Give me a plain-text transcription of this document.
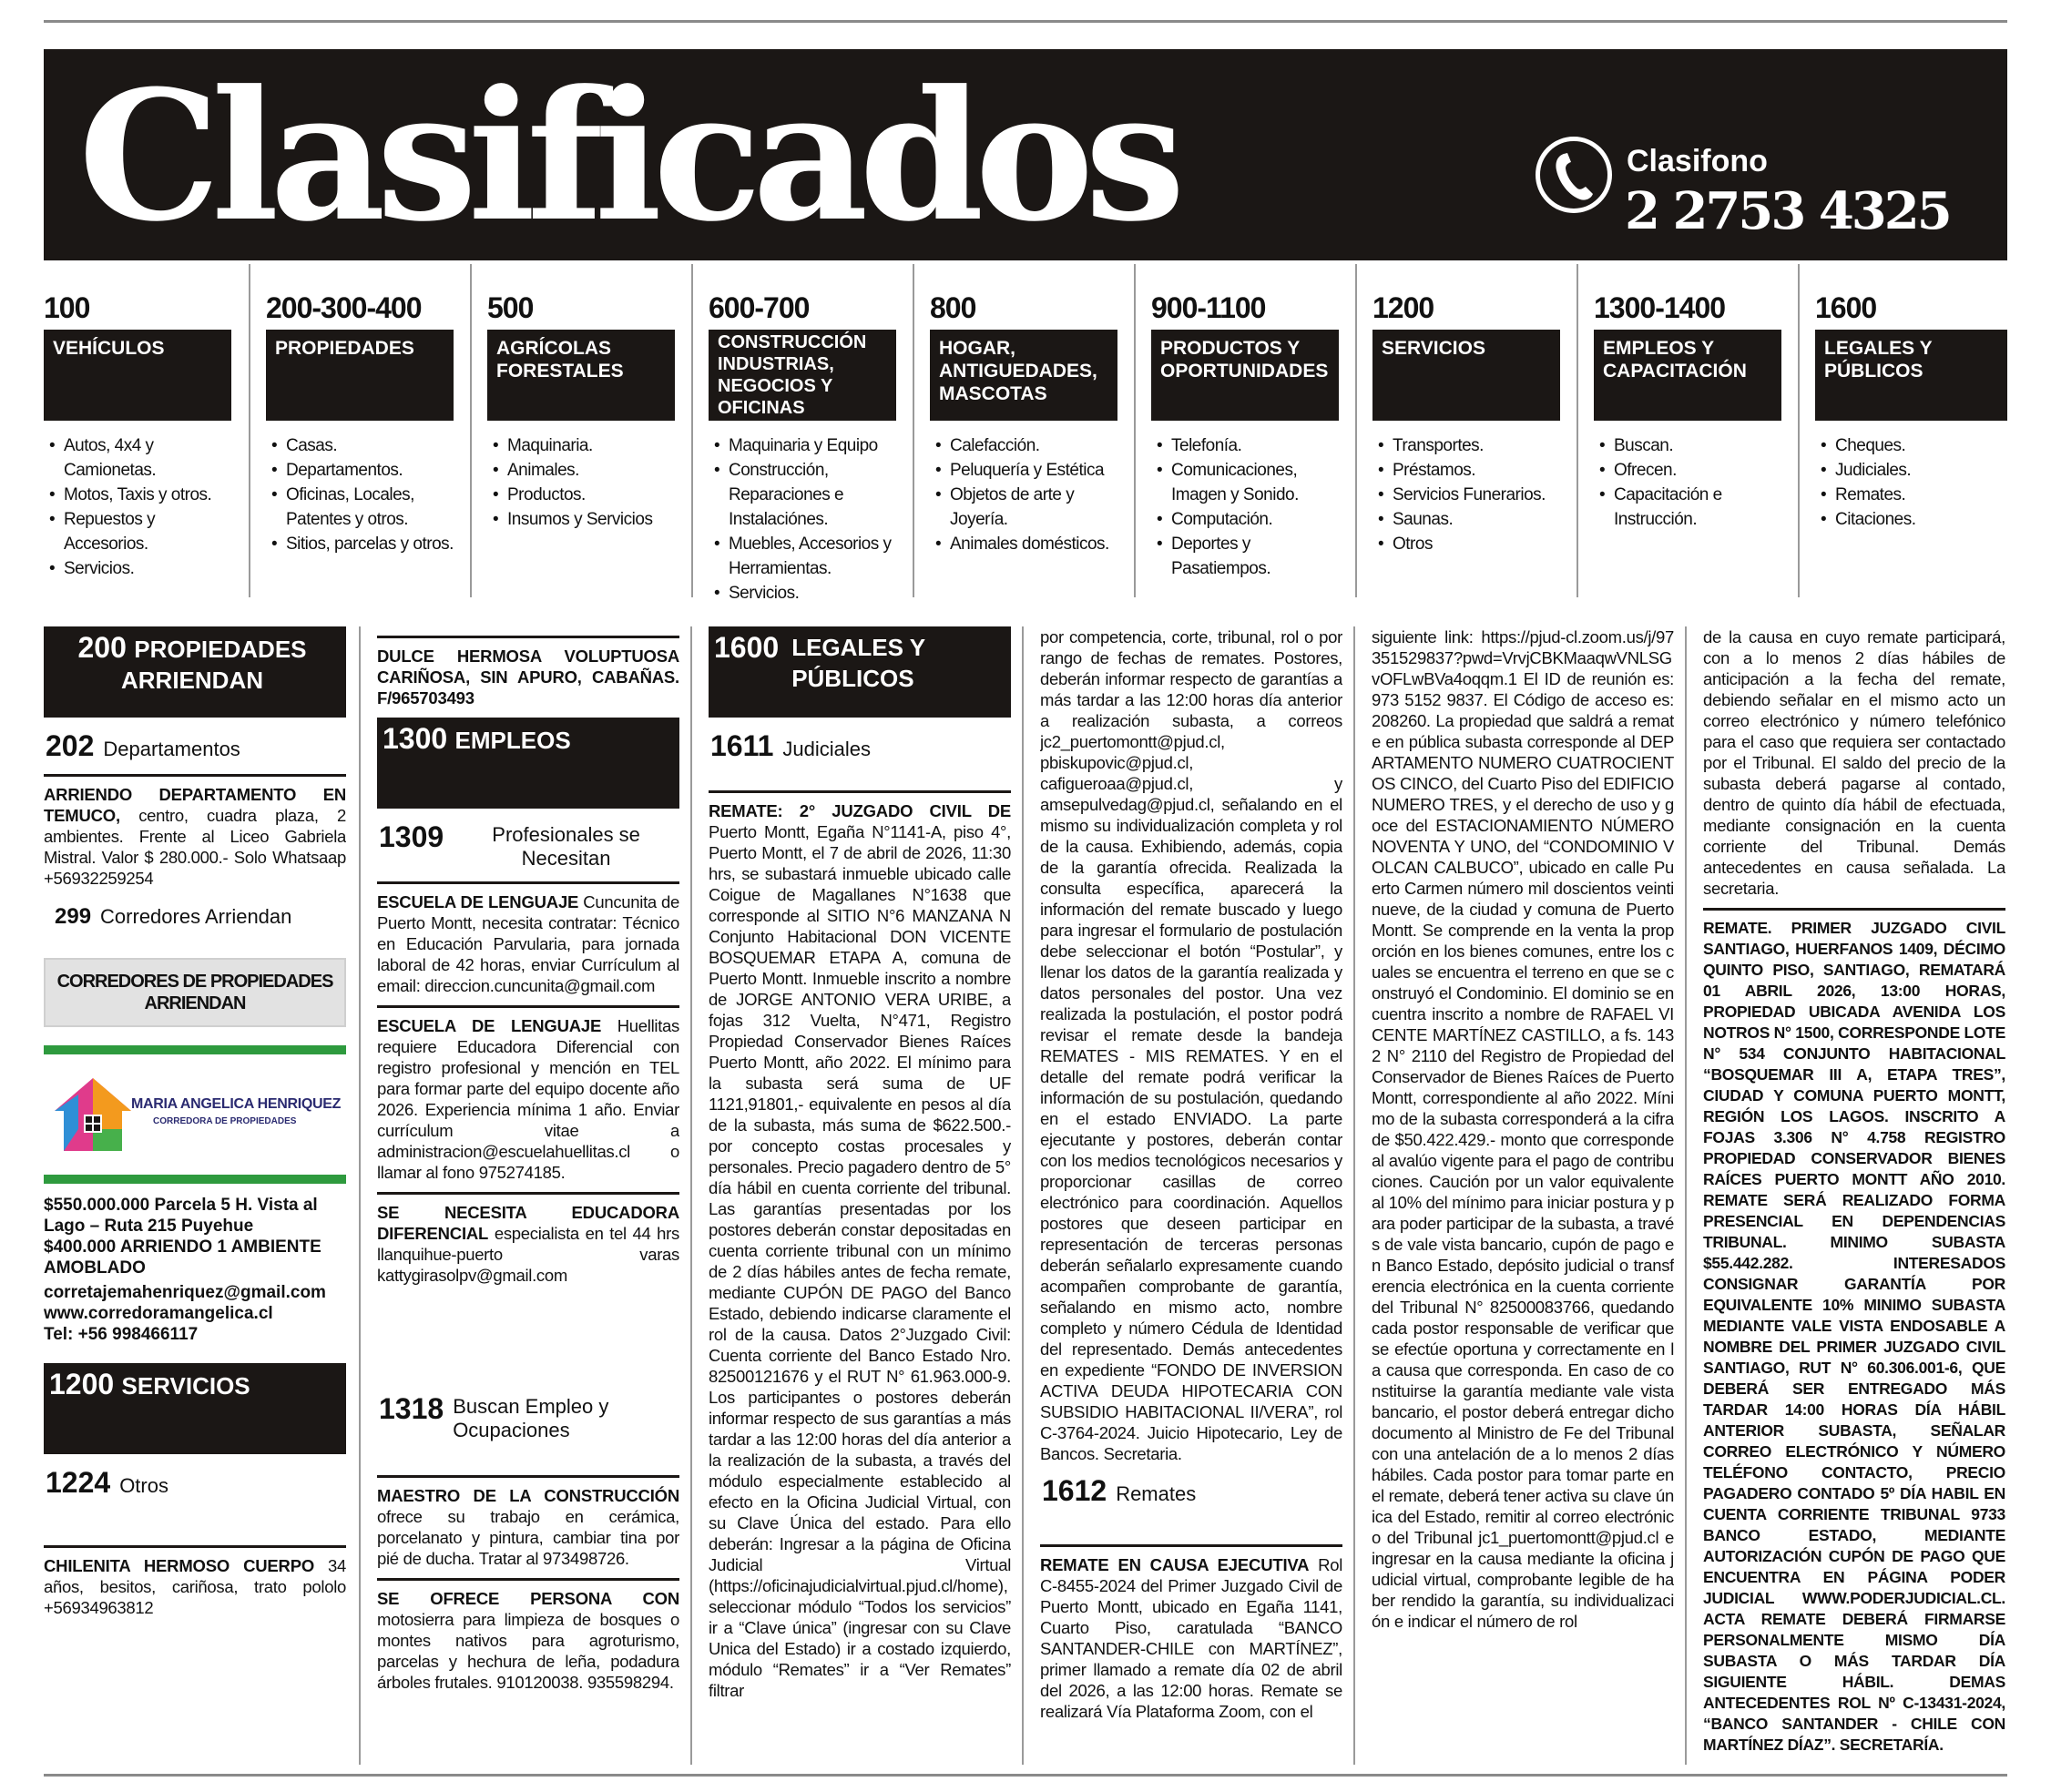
Clasificados	Clasifono
2 2753 4325
100
VEHÍCULOS
• Autos, 4x4 y Camionetas.
• Motos, Taxis y otros.
• Repuestos y Accesorios.
• Servicios.
200-300-400
PROPIEDADES
• Casas.
• Departamentos.
• Oficinas, Locales, Patentes y otros.
• Sitios, parcelas y otros.
500
AGRÍCOLAS FORESTALES
• Maquinaria.
• Animales.
• Productos.
• Insumos y Servicios
600-700
CONSTRUCCIÓN INDUSTRIAS, NEGOCIOS Y OFICINAS
• Maquinaria y Equipo
• Construcción, Reparaciones e Instalaciónes.
• Muebles, Accesorios y Herramientas.
• Servicios.
800
HOGAR, ANTIGUEDADES, MASCOTAS
• Calefacción.
• Peluquería y Estética
• Objetos de arte y Joyería.
• Animales domésticos.
900-1100
PRODUCTOS Y OPORTUNIDADES
• Telefonía.
• Comunicaciones, Imagen y Sonido.
• Computación.
• Deportes y Pasatiempos.
1200
SERVICIOS
• Transportes.
• Préstamos.
• Servicios Funerarios.
• Saunas.
• Otros
1300-1400
EMPLEOS Y CAPACITACIÓN
• Buscan.
• Ofrecen.
• Capacitación e Instrucción.
1600
LEGALES Y PÚBLICOS
• Cheques.
• Judiciales.
• Remates.
• Citaciones.
200 PROPIEDADES ARRIENDAN
202 Departamentos
ARRIENDO DEPARTAMENTO EN TEMUCO, centro, cuadra plaza, 2 ambientes. Frente al Liceo Gabriela Mistral. Valor $ 280.000.- Solo Whatsaap +56932259254
299 Corredores Arriendan
CORREDORES DE PROPIEDADES ARRIENDAN
MARIA ANGELICA HENRIQUEZ
CORREDORA DE PROPIEDADES
$550.000.000 Parcela 5 H. Vista al Lago – Ruta 215 Puyehue
$400.000 ARRIENDO 1 AMBIENTE AMOBLADO
corretajemahenriquez@gmail.com
www.corredoramangelica.cl
Tel: +56 998466117
1200 SERVICIOS
1224 Otros
CHILENITA HERMOSO CUERPO 34 años, besitos, cariñosa, trato pololo +56934963812
DULCE HERMOSA VOLUPTUOSA CARIÑOSA, SIN APURO, CABAÑAS. F/965703493
1300 EMPLEOS
1309	Profesionales se Necesitan
ESCUELA DE LENGUAJE Cuncunita de Puerto Montt, necesita contratar: Técnico en Educación Parvularia, para jornada laboral de 42 horas, enviar Currículum al email: direccion.cuncunita@gmail.com
ESCUELA DE LENGUAJE Huellitas requiere Educadora Diferencial con registro profesional y mención en TEL para formar parte del equipo docente año 2026. Experiencia mínima 1 año. Enviar currículum vitae a administracion@escuelahuellitas.cl o llamar al fono 975274185.
SE NECESITA EDUCADORA DIFERENCIAL especialista en tel 44 hrs llanquihue-puerto varas kattygirasolpv@gmail.com
1318 Buscan Empleo y Ocupaciones
MAESTRO DE LA CONSTRUCCIÓN ofrece su trabajo en cerámica, porcelanato y pintura, cambiar tina por pié de ducha. Tratar al 973498726.
SE OFRECE PERSONA CON motosierra para limpieza de bosques o montes nativos para agroturismo, parcelas y hechura de leña, podadura árboles frutales. 910120038. 935598294.
1600 LEGALES Y PÚBLICOS
1611 Judiciales
REMATE: 2° JUZGADO CIVIL DE Puerto Montt, Egaña N°1141-A, piso 4°, Puerto Montt, el 7 de abril de 2026, 11:30 hrs, se subastará inmueble ubicado calle Coigue de Magallanes N°1638 que corresponde al SITIO N°6 MANZANA N Conjunto Habitacional DON VICENTE BOSQUEMAR ETAPA A, comuna de Puerto Montt. Inmueble inscrito a nombre de JORGE ANTONIO VERA URIBE, a fojas 312 Vuelta, N°471, Registro Propiedad Conservador Bienes Raíces Puerto Montt, año 2022. El mínimo para la subasta será suma de UF 1121,91801,- equivalente en pesos al día de la subasta, más suma de $622.500.- por concepto costas procesales y personales. Precio pagadero dentro de 5° día hábil en cuenta corriente del tribunal. Las garantías presentadas por los postores deberán constar depositadas en cuenta corriente tribunal con un mínimo de 2 días hábiles antes de fecha remate, mediante CUPÓN DE PAGO del Banco Estado, debiendo indicarse claramente el rol de la causa. Datos 2°Juzgado Civil: Cuenta corriente del Banco Estado Nro. 82500121676 y el RUT N° 61.963.000-9. Los participantes o postores deberán informar respecto de sus garantías a más tardar a las 12:00 horas del día anterior a la realización de la subasta, a través del módulo especialmente establecido al efecto en la Oficina Judicial Virtual, con su Clave Única del estado. Para ello deberán: Ingresar a la página de Oficina Judicial Virtual (https://oficinajudicialvirtual.pjud.cl/home), seleccionar módulo “Todos los servicios” ir a “Clave única” (ingresar con su Clave Unica del Estado) ir a costado izquierdo, módulo “Remates” ir a “Ver Remates” filtrar
por competencia, corte, tribunal, rol o por rango de fechas de remates. Postores, deberán informar respecto de garantías a más tardar a las 12:00 horas día anterior a realización subasta, a correos jc2_puertomontt@pjud.cl, pbiskupovic@pjud.cl, cafigueroaa@pjud.cl, y amsepulvedag@pjud.cl, señalando en el mismo su individualización completa y rol de la causa. Exhibiendo, además, copia de la garantía ofrecida. Realizada la consulta específica, aparecerá la información del remate buscado y luego para ingresar el formulario de postulación debe seleccionar el botón “Postular”, y llenar los datos de la garantía realizada y datos personales del postor. Una vez realizada la postulación, el postor podrá revisar el remate desde la bandeja REMATES - MIS REMATES. Y en el detalle del remate podrá verificar la información de su postulación, quedando en el estado ENVIADO. La parte ejecutante y postores, deberán contar con los medios tecnológicos necesarios y proporcionar casillas de correo electrónico para coordinación. Aquellos postores que deseen participar en representación de terceras personas deberán señalarlo expresamente cuando acompañen comprobante de garantía, señalando en mismo acto, nombre completo y número Cédula de Identidad del representado. Demás antecedentes en expediente “FONDO DE INVERSION ACTIVA DEUDA HIPOTECARIA CON SUBSIDIO HABITACIONAL II/VERA”, rol C-3764-2024. Juicio Hipotecario, Ley de Bancos. Secretaria.
1612 Remates
REMATE EN CAUSA EJECUTIVA Rol C-8455-2024 del Primer Juzgado Civil de Puerto Montt, ubicado en Egaña 1141, Cuarto Piso, caratulada “BANCO SANTANDER-CHILE con MARTÍNEZ”, primer llamado a remate día 02 de abril del 2026, a las 12:00 horas. Remate se realizará Vía Plataforma Zoom, con el
siguiente link: https://pjud-cl.zoom.us/j/97351529837?pwd=VrvjCBKMaaqwVNLSGvOFLwBVa4oqqm.1 El ID de reunión es: 973 5152 9837. El Código de acceso es: 208260. La propiedad que saldrá a remate en pública subasta corresponde al DEPARTAMENTO NUMERO CUATROCIENTOS CINCO, del Cuarto Piso del EDIFICIO NUMERO TRES, y el derecho de uso y goce del ESTACIONAMIENTO NÚMERO NOVENTA Y UNO, del “CONDOMINIO VOLCAN CALBUCO”, ubicado en calle Puerto Carmen número mil doscientos veintinueve, de la ciudad y comuna de Puerto Montt. Se comprende en la venta la proporción en los bienes comunes, entre los cuales se encuentra el terreno en que se construyó el Condominio. El dominio se encuentra inscrito a nombre de RAFAEL VICENTE MARTÍNEZ CASTILLO, a fs. 1432 N° 2110 del Registro de Propiedad del Conservador de Bienes Raíces de Puerto Montt, correspondiente al año 2022. Mínimo de la subasta corresponderá a la cifra de $50.422.429.- monto que corresponde al avalúo vigente para el pago de contribuciones. Caución por un valor equivalente al 10% del mínimo para iniciar postura y para poder participar de la subasta, a través de vale vista bancario, cupón de pago en Banco Estado, depósito judicial o transferencia electrónica en la cuenta corriente del Tribunal N° 82500083766, quedando cada postor responsable de verificar que se efectúe oportuna y correctamente en la causa que corresponda. En caso de constituirse la garantía mediante vale vista bancario, el postor deberá entregar dicho documento al Ministro de Fe del Tribunal con una antelación de a lo menos 2 días hábiles. Cada postor para tomar parte en el remate, deberá tener activa su clave única del Estado, remitir al correo electrónico del Tribunal jc1_puertomontt@pjud.cl e ingresar en la causa mediante la oficina judicial virtual, comprobante legible de haber rendido la garantía, su individualización e indicar el número de rol
de la causa en cuyo remate participará, con a lo menos 2 días hábiles de anticipación a la fecha del remate, debiendo señalar en el mismo acto un correo electrónico y número telefónico para el caso que requiera ser contactado por el Tribunal. El saldo del precio de la subasta deberá pagarse al contado, dentro de quinto día hábil de efectuada, mediante consignación en la cuenta corriente del Tribunal. Demás antecedentes en causa señalada. La secretaria.
REMATE. PRIMER JUZGADO CIVIL SANTIAGO, HUERFANOS 1409, DÉCIMO QUINTO PISO, SANTIAGO, REMATARÁ 01 ABRIL 2026, 13:00 HORAS, PROPIEDAD UBICADA AVENIDA LOS NOTROS N° 1500, CORRESPONDE LOTE N° 534 CONJUNTO HABITACIONAL “BOSQUEMAR III A, ETAPA TRES”, CIUDAD Y COMUNA PUERTO MONTT, REGIÓN LOS LAGOS. INSCRITO A FOJAS 3.306 N° 4.758 REGISTRO PROPIEDAD CONSERVADOR BIENES RAÍCES PUERTO MONTT AÑO 2010. REMATE SERÁ REALIZADO FORMA PRESENCIAL EN DEPENDENCIAS TRIBUNAL. MINIMO SUBASTA $55.442.282. INTERESADOS CONSIGNAR GARANTÍA POR EQUIVALENTE 10% MINIMO SUBASTA MEDIANTE VALE VISTA ENDOSABLE A NOMBRE DEL PRIMER JUZGADO CIVIL SANTIAGO, RUT N° 60.306.001-6, QUE DEBERÁ SER ENTREGADO MÁS TARDAR 14:00 HORAS DÍA HÁBIL ANTERIOR SUBASTA, SEÑALAR CORREO ELECTRÓNICO Y NÚMERO TELÉFONO CONTACTO, PRECIO PAGADERO CONTADO 5º DÍA HABIL EN CUENTA CORRIENTE TRIBUNAL 9733 BANCO ESTADO, MEDIANTE AUTORIZACIÓN CUPÓN DE PAGO QUE ENCUENTRA EN PÁGINA PODER JUDICIAL WWW.PODERJUDICIAL.CL. ACTA REMATE DEBERÁ FIRMARSE PERSONALMENTE MISMO DÍA SUBASTA O MÁS TARDAR DÍA SIGUIENTE HÁBIL. DEMAS ANTECEDENTES ROL Nº C-13431-2024, “BANCO SANTANDER - CHILE CON MARTÍNEZ DÍAZ”. SECRETARÍA.
